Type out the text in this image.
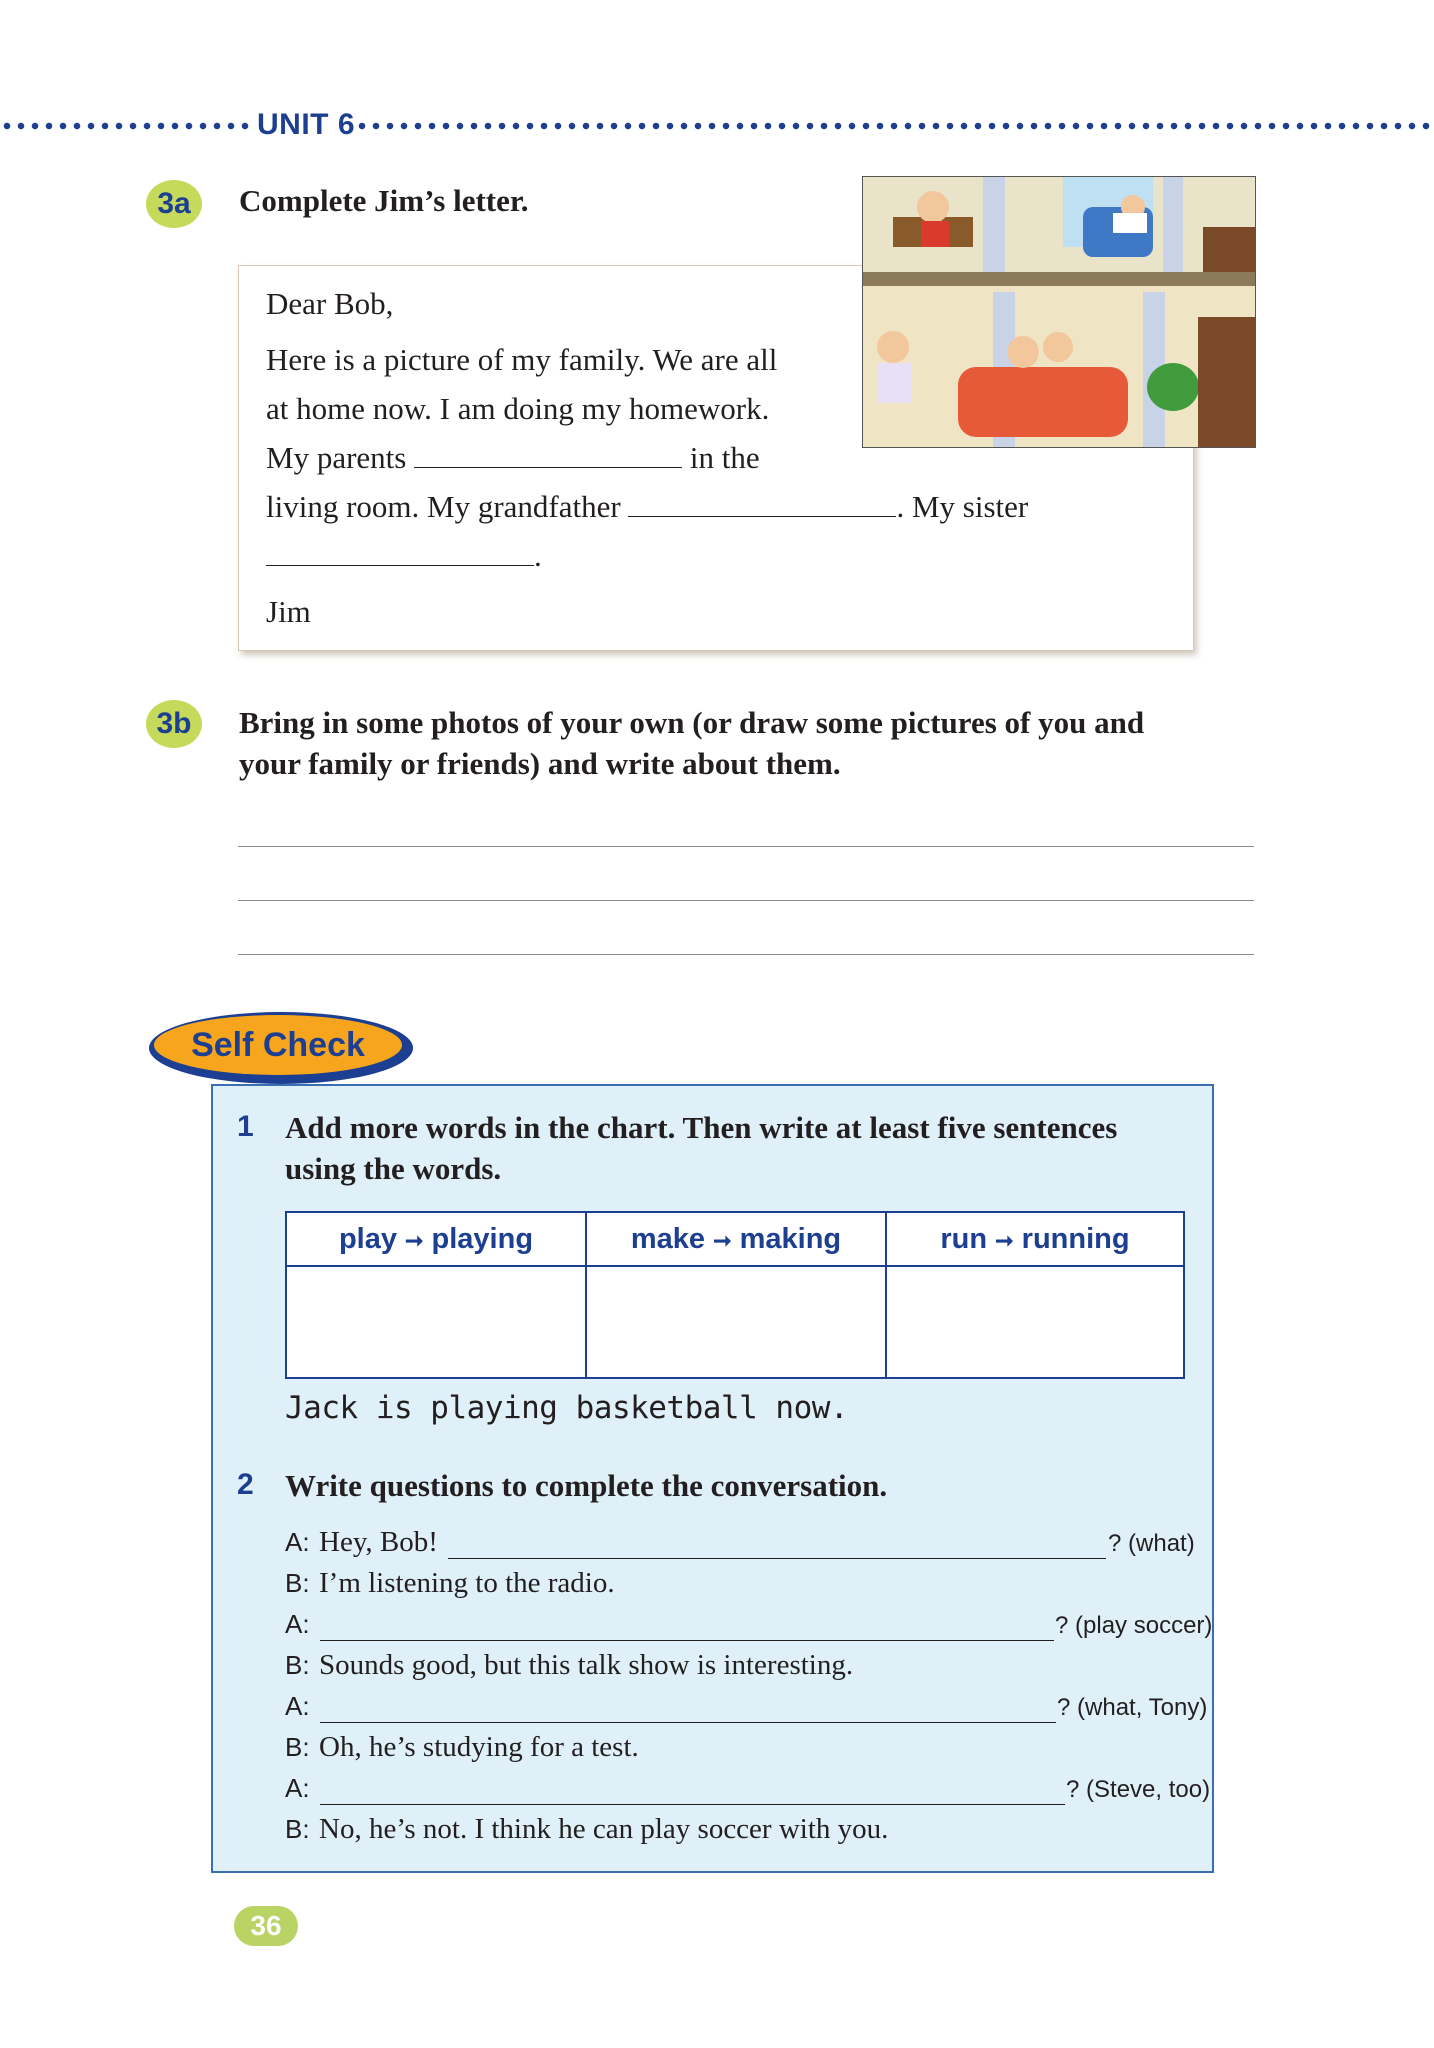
UNIT 6
3a	Complete Jim’s letter.
Dear Bob,
Here is a picture of my family. We are all
at home now. I am doing my homework.
My parents	in the
living room. My grandfather	. My sister
.
Jim
3b	Bring in some photos of your own (or draw some pictures of you and
your family or friends) and write about them.
Self Check
1 Add more words in the chart. Then write at least five sentences
using the words.
play ➞ playing	make ➞ making	run ➞ running
Jack is playing basketball now.
2 Write questions to complete the conversation.
A: Hey, Bob!	? (what)
B: I’m listening to the radio.
A:	? (play soccer)
B: Sounds good, but this talk show is interesting.
A:	? (what, Tony)
B: Oh, he’s studying for a test.
A:	? (Steve, too)
B: No, he’s not. I think he can play soccer with you.
36
